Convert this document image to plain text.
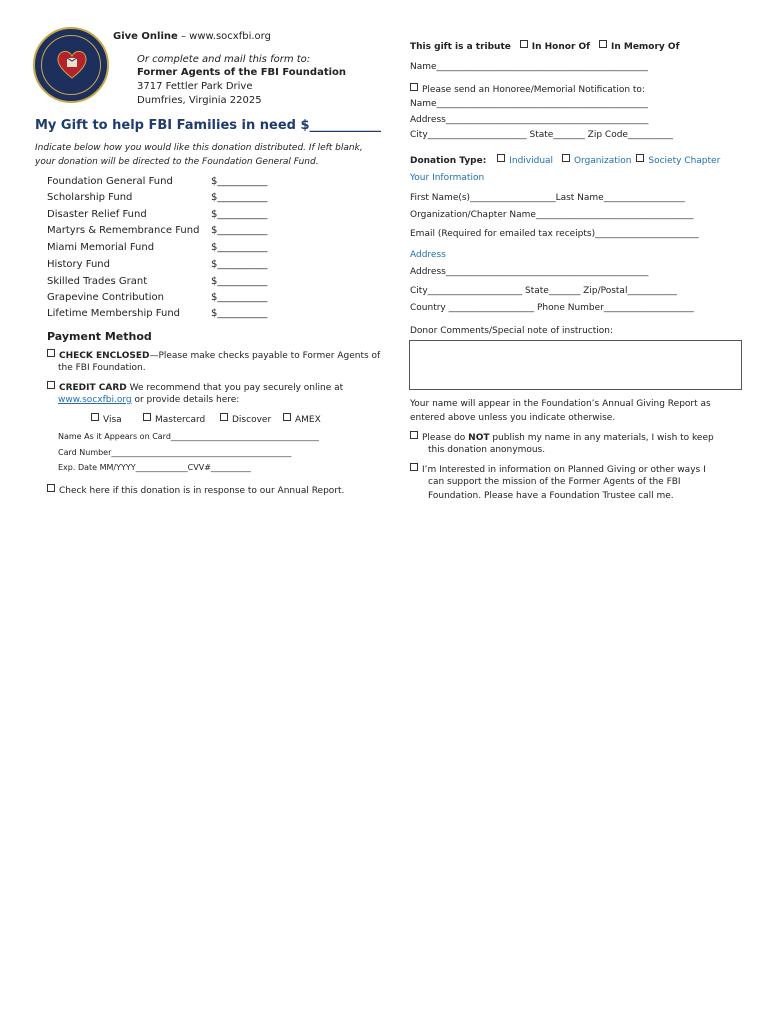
Give Online – www.socxfbi.org
Or complete and mail this form to:
Former Agents of the FBI Foundation
3717 Fettler Park Drive
Dumfries, Virginia 22025
My Gift to help FBI Families in need $___________
Indicate below how you would like this donation distributed. If left blank,
your donation will be directed to the Foundation General Fund.
Foundation General Fund	$__________
Scholarship Fund	$__________
Disaster Relief Fund	$__________
Martyrs & Remembrance Fund $__________
Miami Memorial Fund	$__________
History Fund	$__________
Skilled Trades Grant	$__________
Grapevine Contribution	$__________
Lifetime Membership Fund	$__________
Payment Method
CHECK ENCLOSED—Please make checks payable to Former Agents of
the FBI Foundation.
CREDIT CARD We recommend that you pay securely online at
www.socxfbi.org or provide details here:
Visa	Mastercard	Discover	AMEX
Name As it Appears on Card_____________________________________
Card Number_____________________________________________
Exp. Date MM/YYYY_____________CVV#__________
Check here if this donation is in response to our Annual Report.
This gift is a tribute In Honor Of In Memory Of
Name_______________________________________________
Please send an Honoree/Memorial Notification to:
Name_______________________________________________
Address_____________________________________________
City______________________ State_______ Zip Code__________
Donation Type:	Individual Organization Society Chapter
Your Information
First Name(s)___________________Last Name__________________
Organization/Chapter Name___________________________________
Email (Required for emailed tax receipts)_______________________
Address
Address_____________________________________________
City_____________________ State_______ Zip/Postal___________
Country ___________________ Phone Number____________________
Donor Comments/Special note of instruction:
Your name will appear in the Foundation’s Annual Giving Report as
entered above unless you indicate otherwise.
Please do NOT publish my name in any materials, I wish to keep
this donation anonymous.
I’m Interested in information on Planned Giving or other ways I
can support the mission of the Former Agents of the FBI
Foundation. Please have a Foundation Trustee call me.
